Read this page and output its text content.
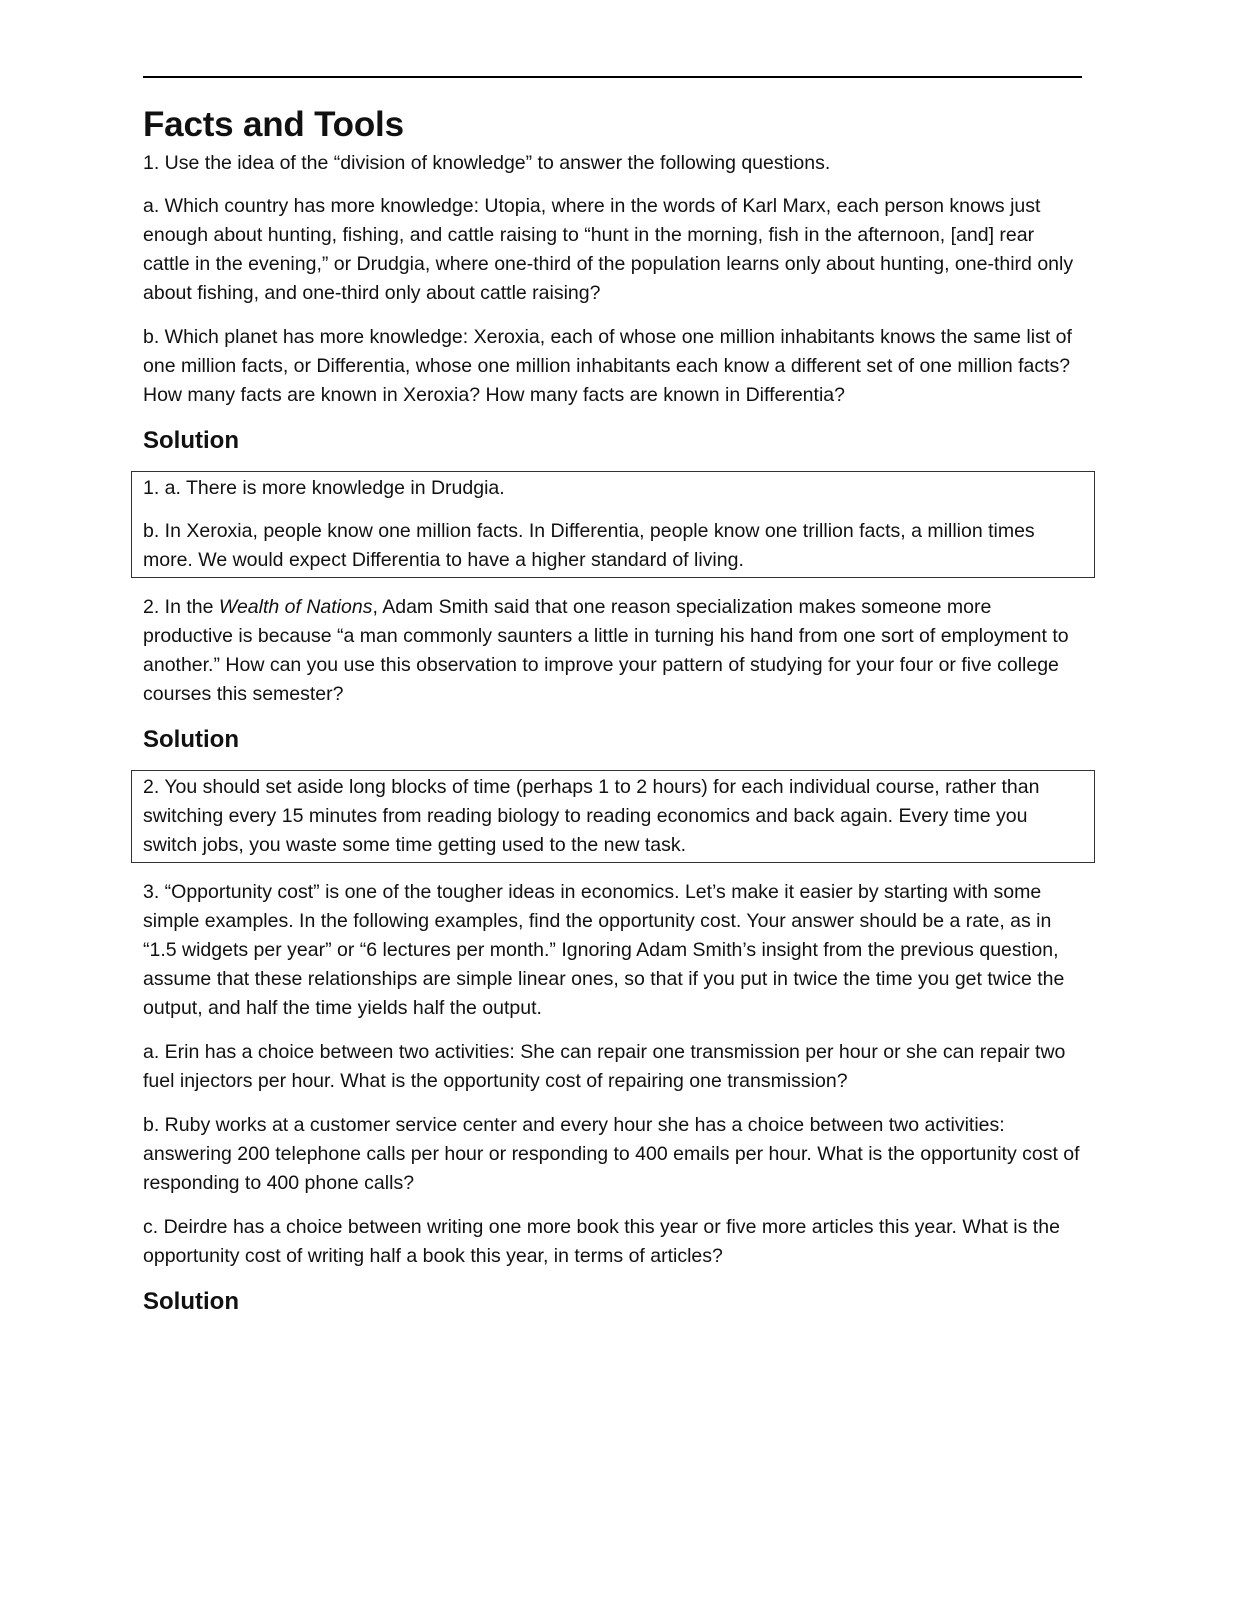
Facts and Tools

1. Use the idea of the “division of knowledge” to answer the following questions.

a. Which country has more knowledge: Utopia, where in the words of Karl Marx, each person knows just enough about hunting, fishing, and cattle raising to “hunt in the morning, fish in the afternoon, [and] rear cattle in the evening,” or Drudgia, where one-third of the population learns only about hunting, one-third only about fishing, and one-third only about cattle raising?

b. Which planet has more knowledge: Xeroxia, each of whose one million inhabitants knows the same list of one million facts, or Differentia, whose one million inhabitants each know a different set of one million facts? How many facts are known in Xeroxia? How many facts are known in Differentia?

Solution

1. a. There is more knowledge in Drudgia.

b. In Xeroxia, people know one million facts. In Differentia, people know one trillion facts, a million times more. We would expect Differentia to have a higher standard of living.

2. In the Wealth of Nations, Adam Smith said that one reason specialization makes someone more productive is because “a man commonly saunters a little in turning his hand from one sort of employment to another.” How can you use this observation to improve your pattern of studying for your four or five college courses this semester?

Solution

2. You should set aside long blocks of time (perhaps 1 to 2 hours) for each individual course, rather than switching every 15 minutes from reading biology to reading economics and back again. Every time you switch jobs, you waste some time getting used to the new task.

3. “Opportunity cost” is one of the tougher ideas in economics. Let’s make it easier by starting with some simple examples. In the following examples, find the opportunity cost. Your answer should be a rate, as in “1.5 widgets per year” or “6 lectures per month.” Ignoring Adam Smith’s insight from the previous question, assume that these relationships are simple linear ones, so that if you put in twice the time you get twice the output, and half the time yields half the output.

a. Erin has a choice between two activities: She can repair one transmission per hour or she can repair two fuel injectors per hour. What is the opportunity cost of repairing one transmission?

b. Ruby works at a customer service center and every hour she has a choice between two activities: answering 200 telephone calls per hour or responding to 400 emails per hour. What is the opportunity cost of responding to 400 phone calls?

c. Deirdre has a choice between writing one more book this year or five more articles this year. What is the opportunity cost of writing half a book this year, in terms of articles?

Solution
